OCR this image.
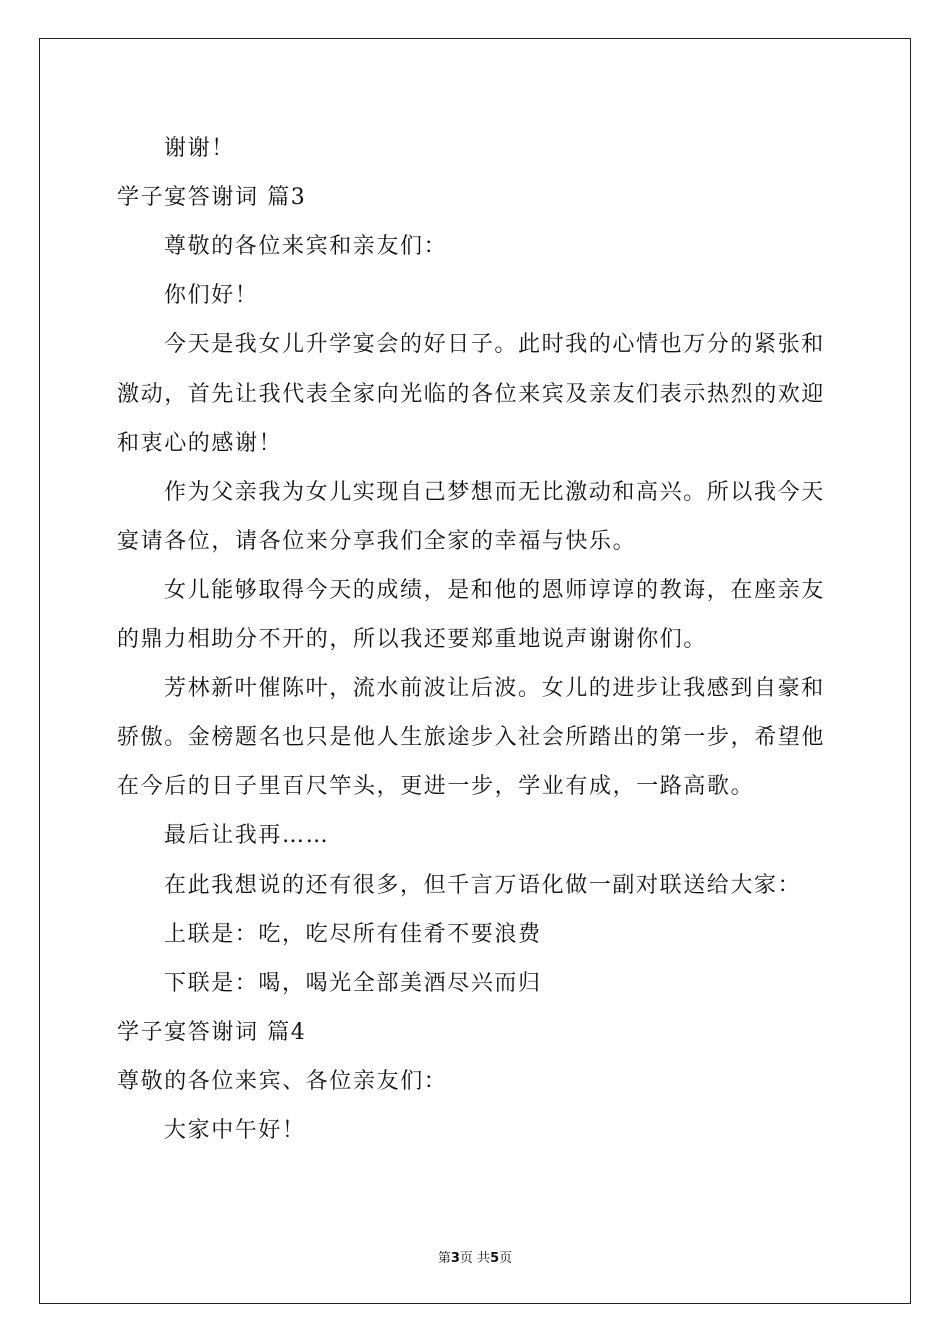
谢谢！
学子宴答谢词 篇3
尊敬的各位来宾和亲友们：
你们好！
今天是我女儿升学宴会的好日子。此时我的心情也万分的紧张和
激动，首先让我代表全家向光临的各位来宾及亲友们表示热烈的欢迎
和衷心的感谢！
作为父亲我为女儿实现自己梦想而无比激动和高兴。所以我今天
宴请各位，请各位来分享我们全家的幸福与快乐。
女儿能够取得今天的成绩，是和他的恩师谆谆的教诲，在座亲友
的鼎力相助分不开的，所以我还要郑重地说声谢谢你们。
芳林新叶催陈叶，流水前波让后波。女儿的进步让我感到自豪和
骄傲。金榜题名也只是他人生旅途步入社会所踏出的第一步，希望他
在今后的日子里百尺竿头，更进一步，学业有成，一路高歌。
最后让我再……
在此我想说的还有很多，但千言万语化做一副对联送给大家：
上联是：吃，吃尽所有佳肴不要浪费
下联是：喝，喝光全部美酒尽兴而归
学子宴答谢词 篇4
尊敬的各位来宾、各位亲友们：
大家中午好！
第3页 共5页
